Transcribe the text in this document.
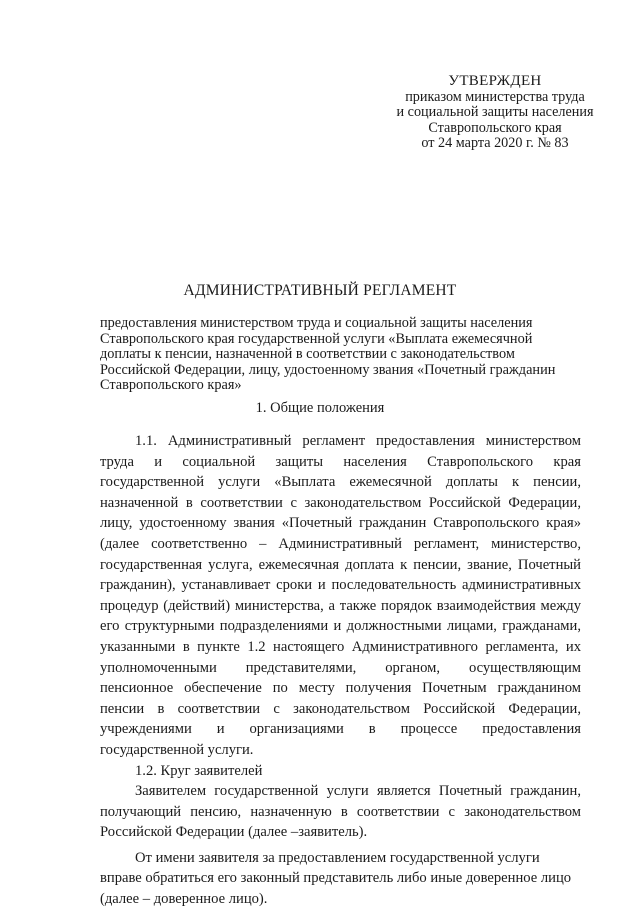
УТВЕРЖДЕН
приказом министерства труда
и социальной защиты населения
Ставропольского края
от 24 марта 2020 г. № 83
АДМИНИСТРАТИВНЫЙ РЕГЛАМЕНТ
предоставления министерством труда и социальной защиты населения Ставропольского края государственной услуги «Выплата ежемесячной доплаты к пенсии, назначенной в соответствии с законодательством Российской Федерации, лицу, удостоенному звания «Почетный гражданин Ставропольского края»
1. Общие положения

1.1. Административный регламент предоставления министерством труда и социальной защиты населения Ставропольского края государственной услуги «Выплата ежемесячной доплаты к пенсии, назначенной в соответствии с законодательством Российской Федерации, лицу, удостоенному звания «Почетный гражданин Ставропольского края» (далее соответственно – Административный регламент, министерство, государственная услуга, ежемесячная доплата к пенсии, звание, Почетный гражданин), устанавливает сроки и последовательность административных процедур (действий) министерства, а также порядок взаимодействия между его структурными подразделениями и должностными лицами, гражданами, указанными в пункте 1.2 настоящего Административного регламента, их уполномоченными представителями, органом, осуществляющим пенсионное обеспечение по месту получения Почетным гражданином пенсии в соответствии с законодательством Российской Федерации, учреждениями и организациями в процессе предоставления государственной услуги.

1.2. Круг заявителей

Заявителем государственной услуги является Почетный гражданин, получающий пенсию, назначенную в соответствии с законодательством Российской Федерации (далее –заявитель).

От имени заявителя за предоставлением государственной услуги вправе обратиться его законный представитель либо иные доверенное лицо (далее – доверенное лицо).
